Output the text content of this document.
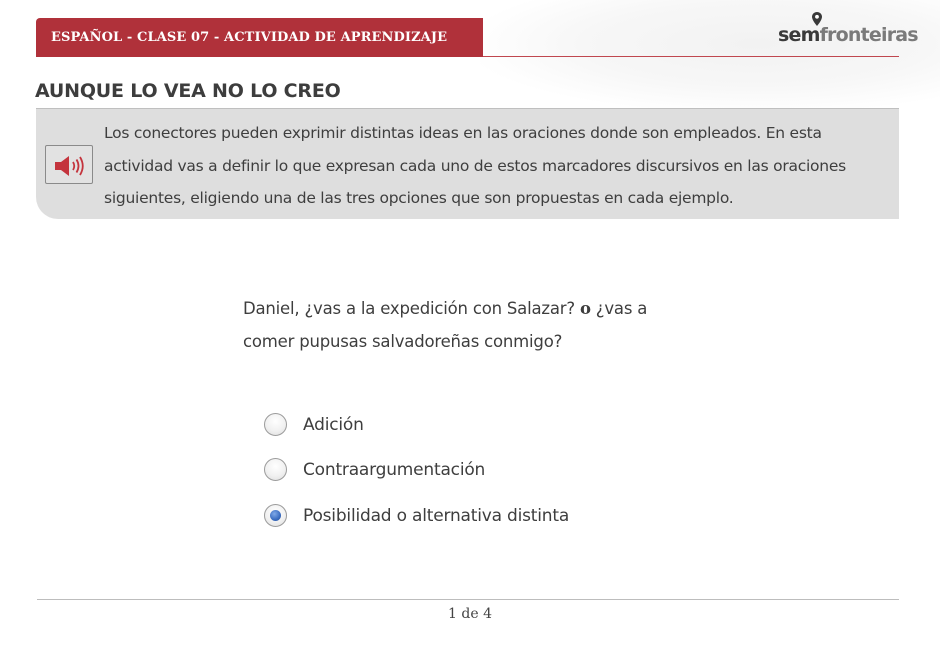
ESPAÑOL - CLASE 07 - ACTIVIDAD DE APRENDIZAJE	semfronteiras
AUNQUE LO VEA NO LO CREO
Los conectores pueden exprimir distintas ideas en las oraciones donde son empleados. En esta actividad vas a definir lo que expresan cada uno de estos marcadores discursivos en las oraciones siguientes, eligiendo una de las tres opciones que son propuestas en cada ejemplo.
Daniel, ¿vas a la expedición con Salazar? o ¿vas a comer pupusas salvadoreñas conmigo?
Adición
Contraargumentación
Posibilidad o alternativa distinta
1 de 4
